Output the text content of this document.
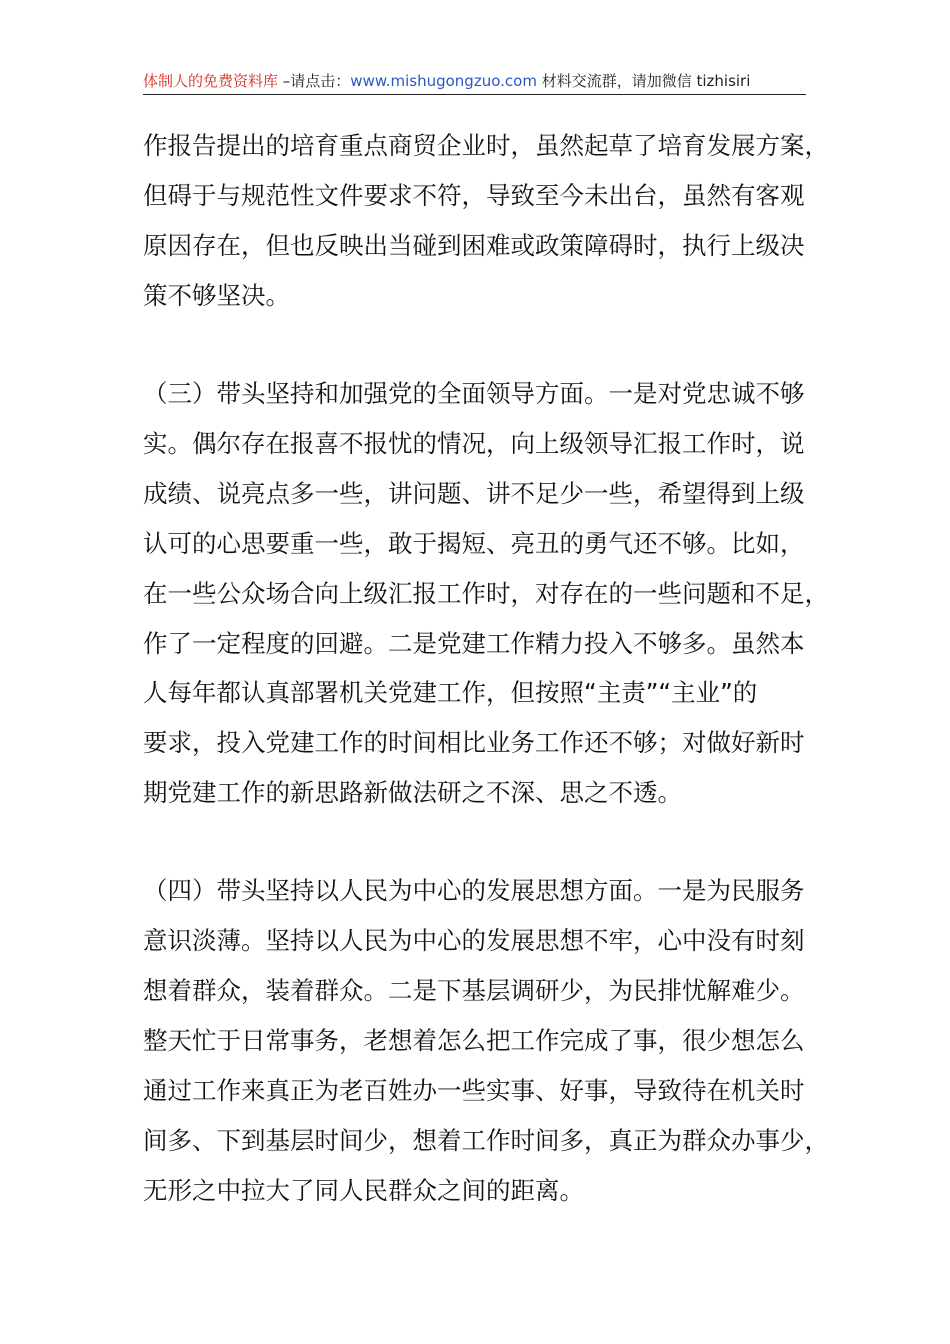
体制人的免费资料库 –请点击：www.mishugongzuo.com 材料交流群，请加微信 tizhisiri
作报告提出的培育重点商贸企业时，虽然起草了培育发展方案，
但碍于与规范性文件要求不符，导致至今未出台，虽然有客观
原因存在，但也反映出当碰到困难或政策障碍时，执行上级决
策不够坚决。
（三）带头坚持和加强党的全面领导方面。一是对党忠诚不够
实。偶尔存在报喜不报忧的情况，向上级领导汇报工作时，说
成绩、说亮点多一些，讲问题、讲不足少一些，希望得到上级
认可的心思要重一些，敢于揭短、亮丑的勇气还不够。比如，
在一些公众场合向上级汇报工作时，对存在的一些问题和不足，
作了一定程度的回避。二是党建工作精力投入不够多。虽然本
人每年都认真部署机关党建工作，但按照“主责”“主业”的
要求，投入党建工作的时间相比业务工作还不够；对做好新时
期党建工作的新思路新做法研之不深、思之不透。
（四）带头坚持以人民为中心的发展思想方面。一是为民服务
意识淡薄。坚持以人民为中心的发展思想不牢，心中没有时刻
想着群众，装着群众。二是下基层调研少，为民排忧解难少。
整天忙于日常事务，老想着怎么把工作完成了事，很少想怎么
通过工作来真正为老百姓办一些实事、好事，导致待在机关时
间多、下到基层时间少，想着工作时间多，真正为群众办事少，
无形之中拉大了同人民群众之间的距离。
